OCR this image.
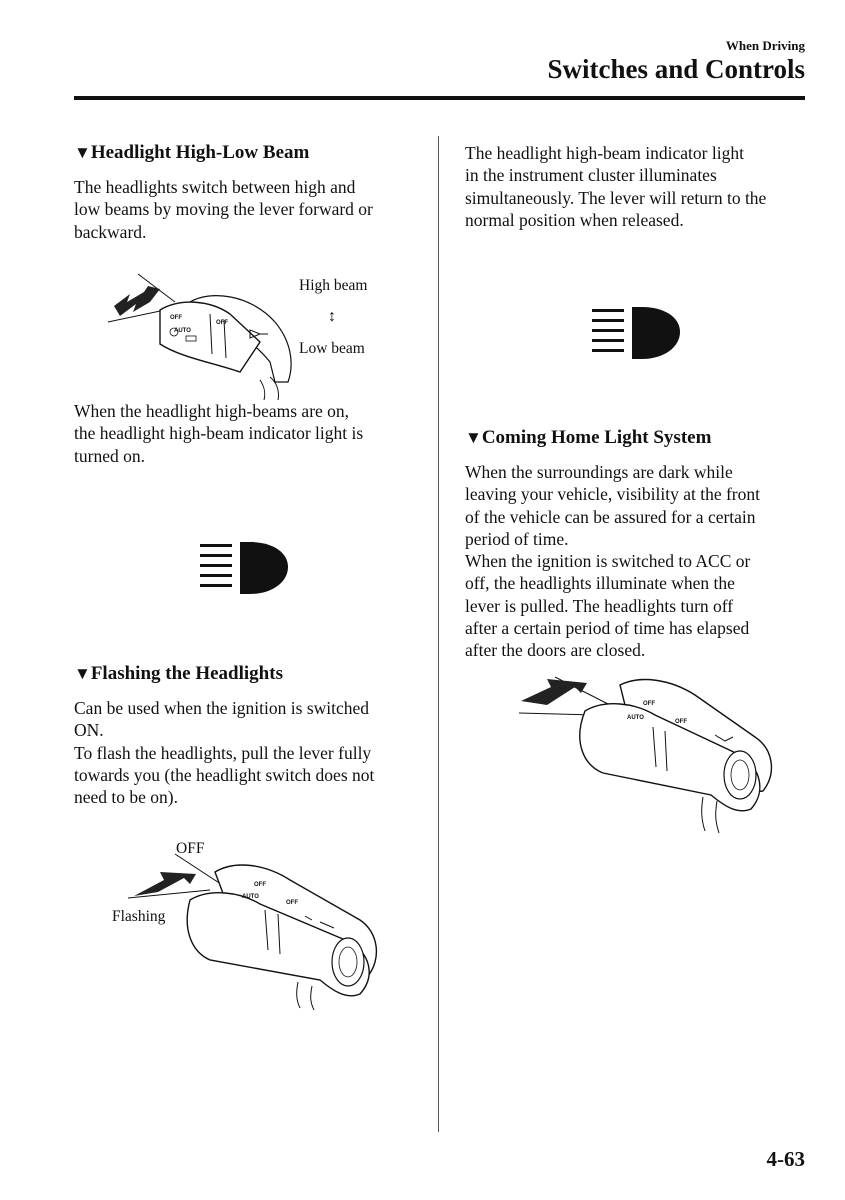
When Driving
Switches and Controls
▼Headlight High-Low Beam

The headlights switch between high and
low beams by moving the lever forward or
backward.

OFF
OFF
AUTO
High beam
↕
Low beam

When the headlight high-beams are on,
the headlight high-beam indicator light is
turned on.

▼Flashing the Headlights

Can be used when the ignition is switched
ON.
To flash the headlights, pull the lever fully
towards you (the headlight switch does not
need to be on).

OFF
OFF
AUTO
OFF
Flashing

The headlight high-beam indicator light
in the instrument cluster illuminates
simultaneously. The lever will return to the
normal position when released.

▼Coming Home Light System

When the surroundings are dark while
leaving your vehicle, visibility at the front
of the vehicle can be assured for a certain
period of time.
When the ignition is switched to ACC or
off, the headlights illuminate when the
lever is pulled. The headlights turn off
after a certain period of time has elapsed
after the doors are closed.

OFF
OFF
AUTO
4-63
